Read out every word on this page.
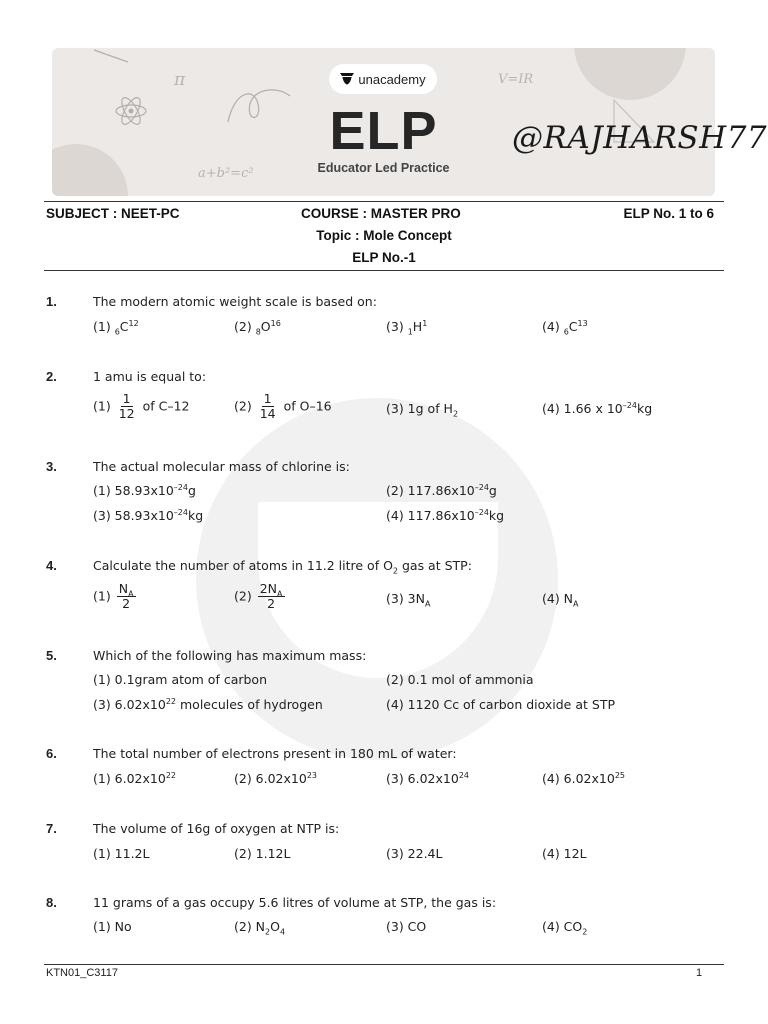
π	V=IR
a+b²=c²
unacademy
ELP
Educator Led Practice
@RAJHARSH77
SUBJECT : NEET-PC	COURSE : MASTER PRO	ELP No. 1 to 6
Topic : Mole Concept
ELP No.-1
1.	The modern atomic weight scale is based on:
(1) $_6C^{12}$	(2) $_8O^{16}$	(3) $_1H^1$	(4) $_6C^{13}$
2.	1 amu is equal to:
$(1) \frac{1}{12}$ of C–12	$(2) \frac{1}{14}$ of O–16	(3) 1g of $H_2$	(4) 1.66 x $10^{-24}kg$
3.	The actual molecular mass of chlorine is:
(1) $58.93x10^{-24}g$	(2) $117.86x10^{-24}g$
(3) $58.93x10^{-24}kg$	(4) $117.86x10^{-24}kg$
4.	Calculate the number of atoms in 11.2 litre of $O_2$ gas at STP:
$(1) \frac{N_A}{2}$	$(2) \frac{2N_A}{2}$	(3) $3N_A$	(4) $N_A$
5.	Which of the following has maximum mass:
(1) 0.1gram atom of carbon	(2) 0.1 mol of ammonia
(3) $6.02x10^{22}$ molecules of hydrogen	(4) 1120 Cc of carbon dioxide at STP
6.	The total number of electrons present in 180 mL of water:
(1) $6.02x10^{22}$	(2) $6.02x10^{23}$	(3) $6.02x10^{24}$	(4) $6.02x10^{25}$
7.	The volume of 16g of oxygen at NTP is:
(1) 11.2L	(2) 1.12L	(3) 22.4L	(4) 12L
8.	11 grams of a gas occupy 5.6 litres of volume at STP, the gas is:
(1) No	(2) $N_2O_4$	(3) CO	(4) $CO_2$
KTN01_C3117	1
